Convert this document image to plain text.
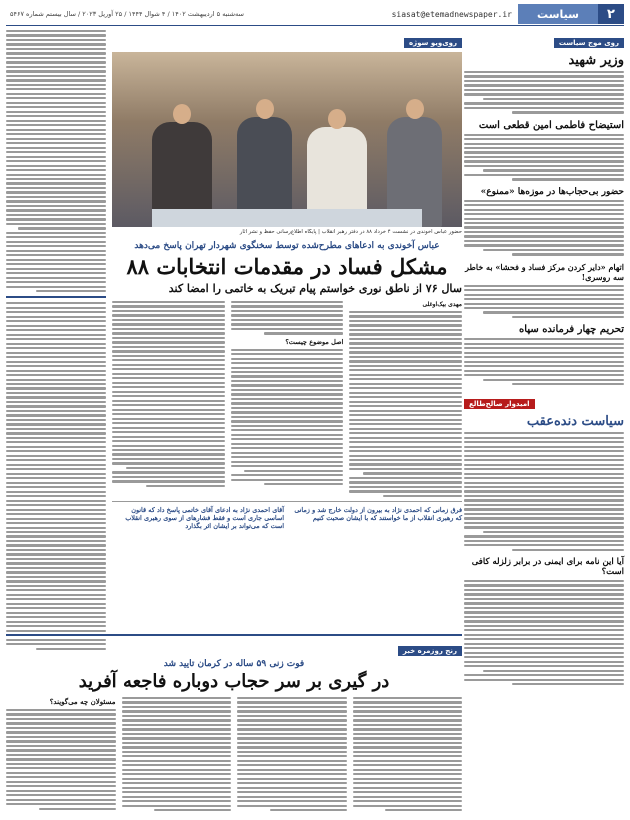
۲
سیاست
siasat@etemadnewspaper.ir
سه‌شنبه ۵ اردیبهشت ۱۴۰۲ / ۴ شوال ۱۴۴۴ / ۲۵ آوریل ۲۰۲۳ / سال بیستم شماره ۵۴۶۷
روی موج سیاست
وزیر شهید
استیضاح فاطمی امین قطعی است
حضور بی‌حجاب‌ها در موزه‌ها «ممنوع»
اتهام «دایر کردن مرکز فساد و فحشا» به خاطر سه روسری!
تحریم چهار فرمانده سپاه
امیدوار صالح‌طالع
سیاست دنده‌عقب
آیا این نامه برای ایمنی در برابر زلزله کافی است؟
روی‌ویو سوژه
حضور عباس آخوندی در نشست ۴ خرداد ۸۸ در دفتر رهبر انقلاب | پایگاه اطلاع‌رسانی حفظ و نشر آثار
عباس آخوندی به ادعاهای مطرح‌شده توسط سخنگوی شهردار تهران پاسخ می‌دهد
مشکل فساد در مقدمات انتخابات ۸۸
سال ۷۶ از ناطق نوری خواستم پیام تبریک به خاتمی را امضا کند
مهدی بیک‌اوغلی
اصل موضوع چیست؟
فرق زمانی که احمدی نژاد به بیرون از دولت خارج شد و زمانی که رهبری انقلاب از ما خواستند که با ایشان صحبت کنیم
آقای احمدی نژاد به ادعای آقای خاتمی پاسخ داد که قانون اساسی جاری است و فقط فشارهای از سوی رهبری انقلاب است که می‌تواند بر ایشان اثر بگذارد
رنج روزمره خبر
فوت زنی ۵۹ ساله در کرمان تایید شد
در گیری بر سر حجاب دوباره فاجعه آفرید
مسئولان چه می‌گویند؟
